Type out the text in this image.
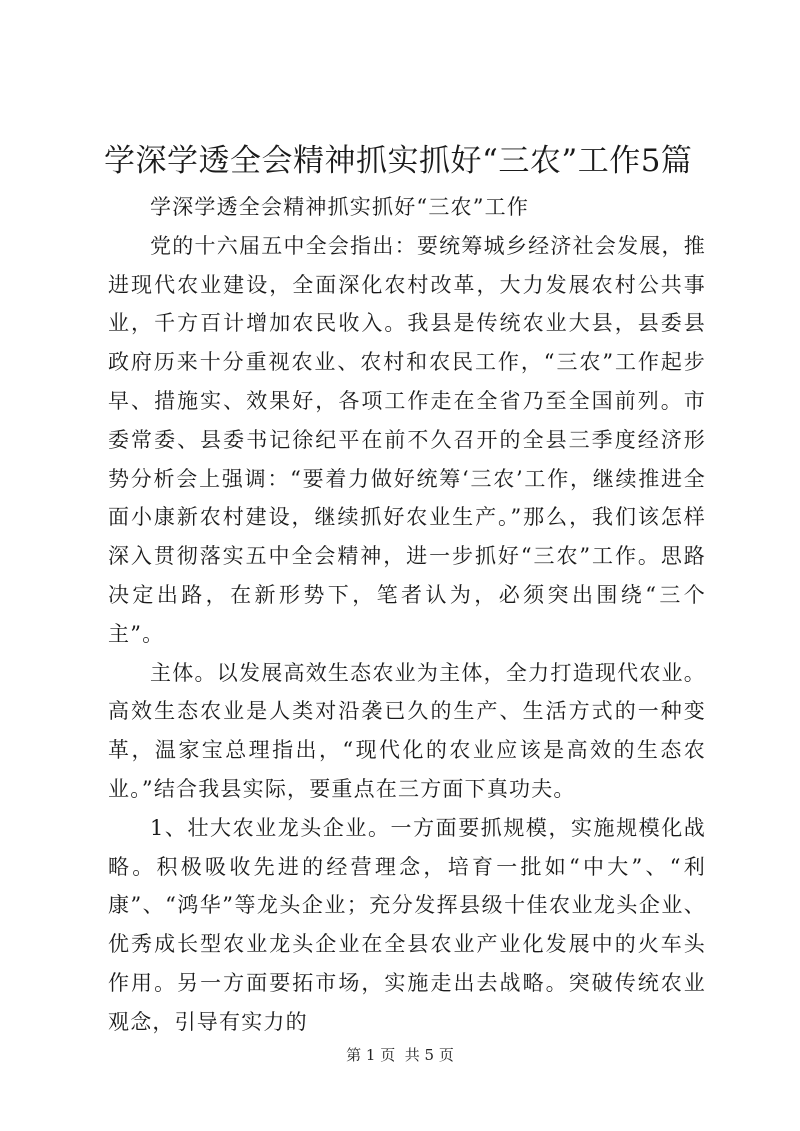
学深学透全会精神抓实抓好“三农”工作5篇

学深学透全会精神抓实抓好“三农”工作

党的十六届五中全会指出：要统筹城乡经济社会发展，推进现代农业建设，全面深化农村改革，大力发展农村公共事业，千方百计增加农民收入。我县是传统农业大县，县委县政府历来十分重视农业、农村和农民工作，“三农”工作起步早、措施实、效果好，各项工作走在全省乃至全国前列。市委常委、县委书记徐纪平在前不久召开的全县三季度经济形势分析会上强调：“要着力做好统筹‘三农’工作，继续推进全面小康新农村建设，继续抓好农业生产。”那么，我们该怎样深入贯彻落实五中全会精神，进一步抓好“三农”工作。思路决定出路，在新形势下，笔者认为，必须突出围绕“三个主”。

主体。以发展高效生态农业为主体，全力打造现代农业。高效生态农业是人类对沿袭已久的生产、生活方式的一种变革，温家宝总理指出，“现代化的农业应该是高效的生态农业。”结合我县实际，要重点在三方面下真功夫。

1、壮大农业龙头企业。一方面要抓规模，实施规模化战略。积极吸收先进的经营理念，培育一批如“中大”、“利康”、“鸿华”等龙头企业；充分发挥县级十佳农业龙头企业、优秀成长型农业龙头企业在全县农业产业化发展中的火车头作用。另一方面要拓市场，实施走出去战略。突破传统农业观念，引导有实力的

第 1 页  共 5 页
